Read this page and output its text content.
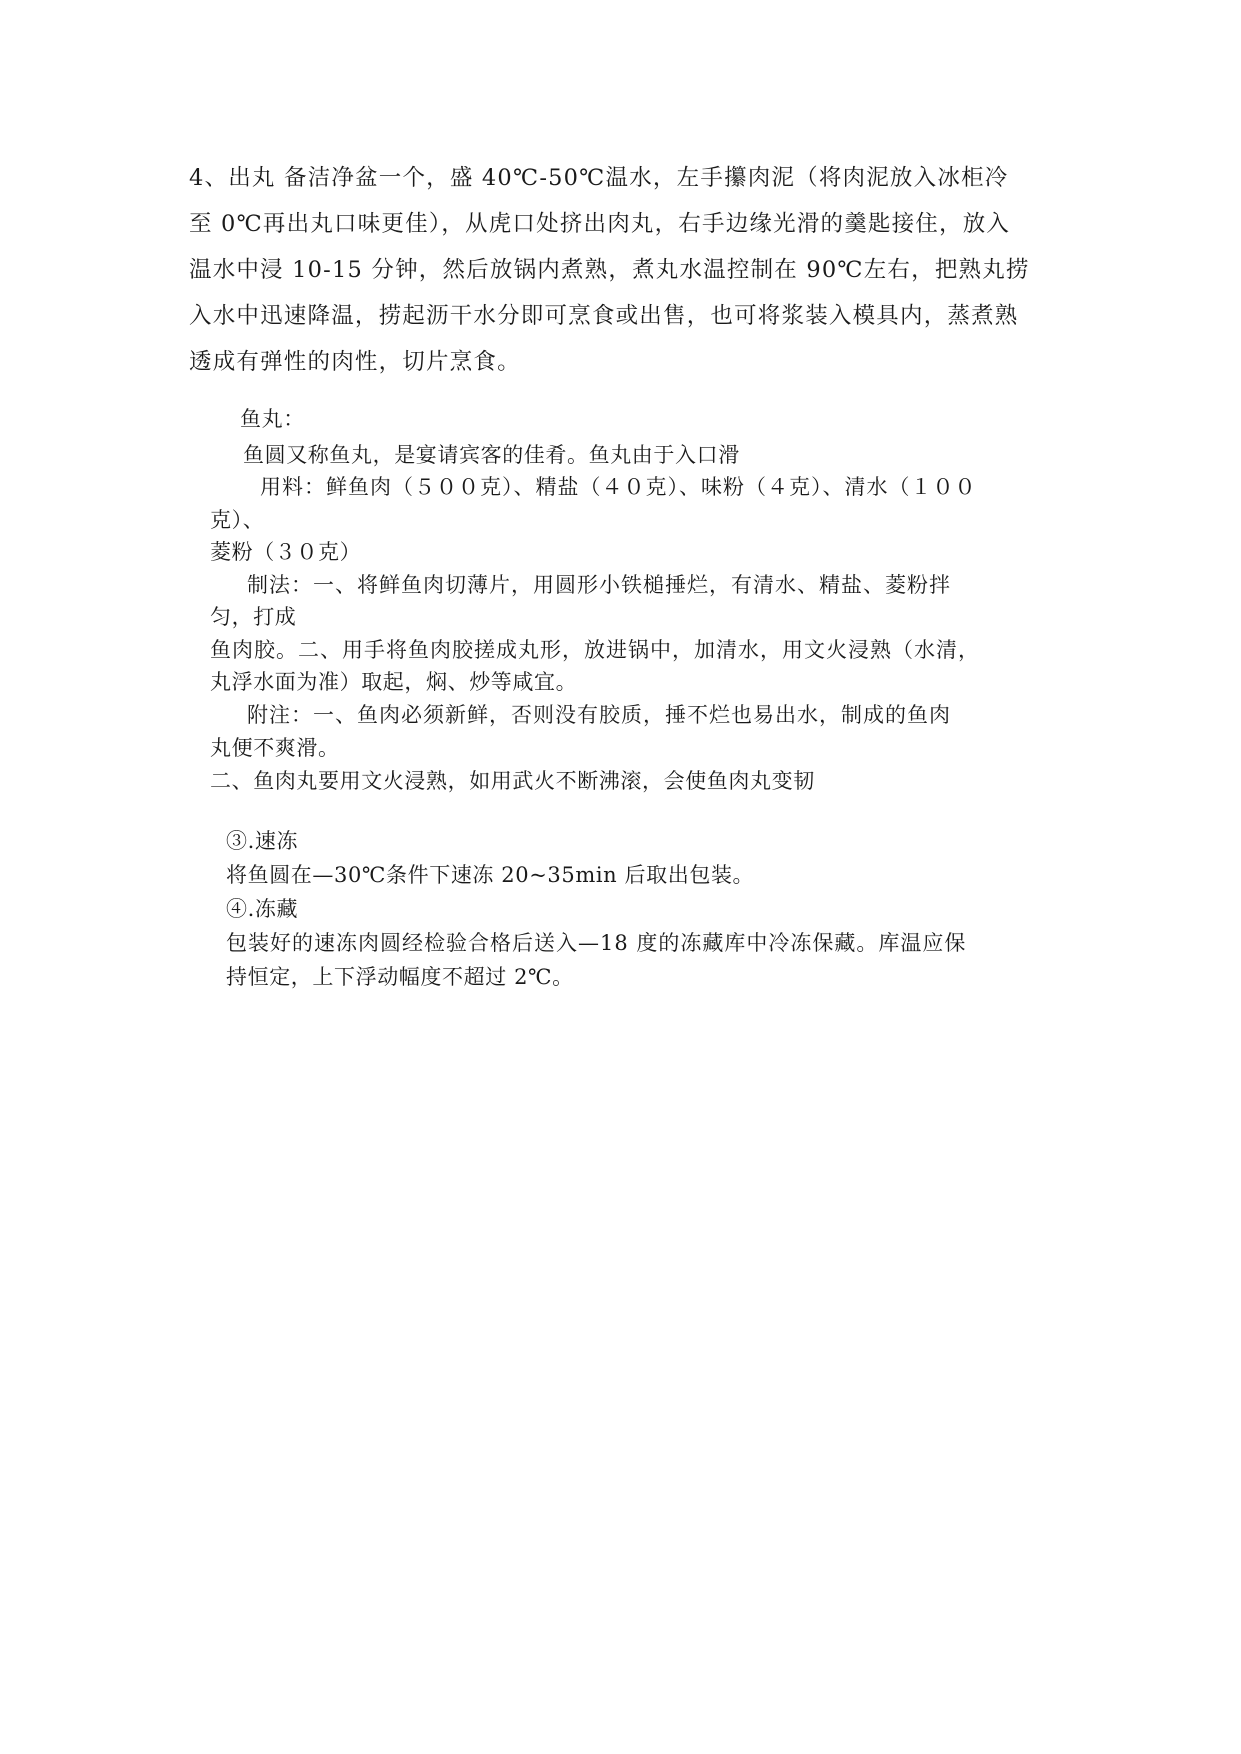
4、出丸 备洁净盆一个，盛 40℃-50℃温水，左手攥肉泥（将肉泥放入冰柜冷
至 0℃再出丸口味更佳），从虎口处挤出肉丸，右手边缘光滑的羹匙接住，放入
温水中浸 10-15 分钟，然后放锅内煮熟，煮丸水温控制在 90℃左右，把熟丸捞
入水中迅速降温，捞起沥干水分即可烹食或出售，也可将浆装入模具内，蒸煮熟
透成有弹性的肉性，切片烹食。
鱼丸：
鱼圆又称鱼丸，是宴请宾客的佳肴。鱼丸由于入口滑
用料：鲜鱼肉（５００克）、精盐（４０克）、味粉（４克）、清水（１００
克）、
菱粉（３０克）
制法：一、将鲜鱼肉切薄片，用圆形小铁槌捶烂，有清水、精盐、菱粉拌
匀，打成
鱼肉胶。二、用手将鱼肉胶搓成丸形，放进锅中，加清水，用文火浸熟（水清，
丸浮水面为准）取起，焖、炒等咸宜。
附注：一、鱼肉必须新鲜，否则没有胶质，捶不烂也易出水，制成的鱼肉
丸便不爽滑。
二、鱼肉丸要用文火浸熟，如用武火不断沸滚，会使鱼肉丸变韧
③.速冻
将鱼圆在—30℃条件下速冻 20~35min 后取出包装。
④.冻藏
包装好的速冻肉圆经检验合格后送入—18 度的冻藏库中冷冻保藏。库温应保
持恒定，上下浮动幅度不超过 2℃。
